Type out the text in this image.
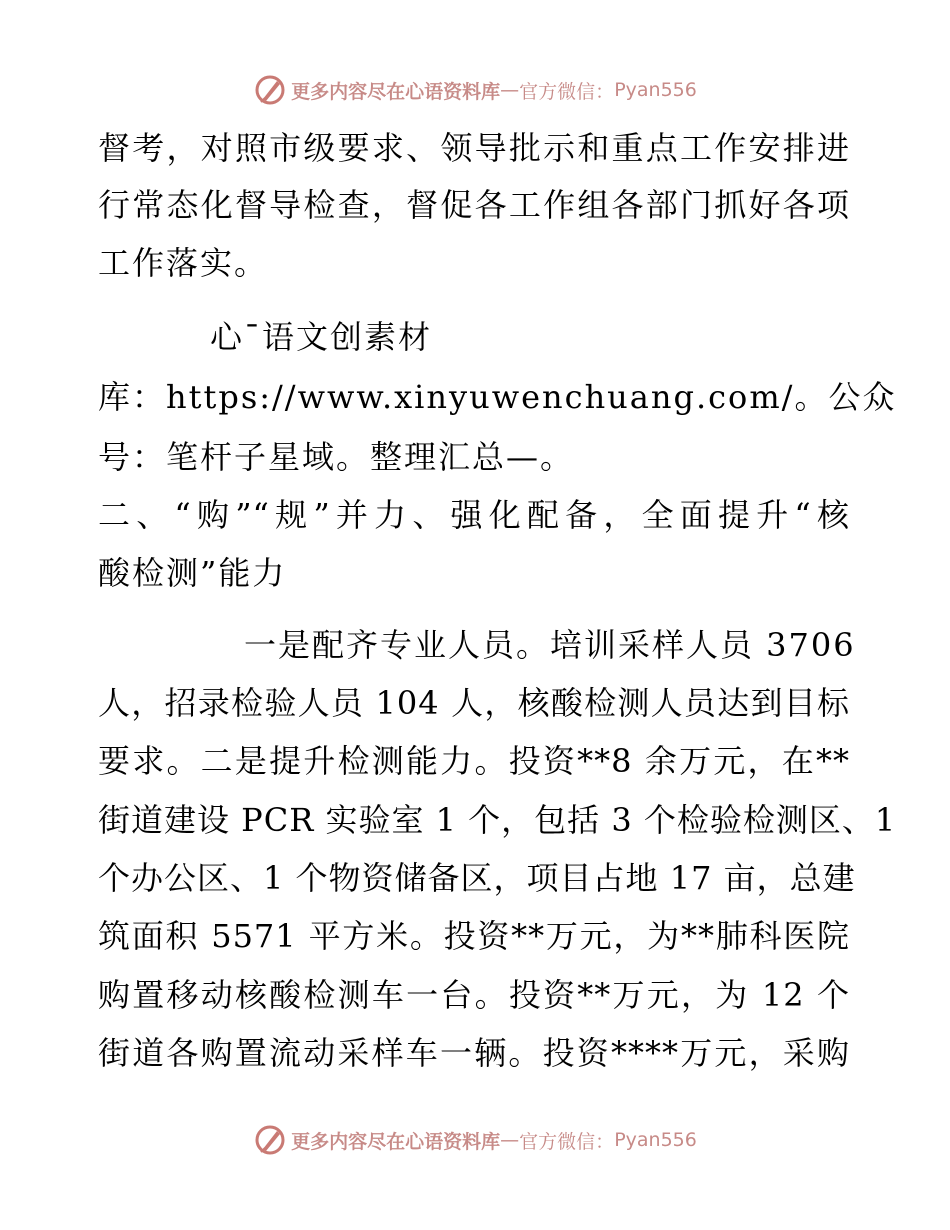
更多内容尽在心语资料库 — 官方微信： Pyan556
督考，对照市级要求、领导批示和重点工作安排进
行常态化督导检查，督促各工作组各部门抓好各项
工作落实。
心¯语文创素材
库：https://www.xinyuwenchuang.com/。公众
号：笔杆子星域。整理汇总—。
二、“购”“规”并力、强化配备，全面提升“核
酸检测”能力
一是配齐专业人员。培训采样人员 3706
人，招录检验人员 104 人，核酸检测人员达到目标
要求。二是提升检测能力。投资**8 余万元，在**
街道建设 PCR 实验室 1 个，包括 3 个检验检测区、1
个办公区、1 个物资储备区，项目占地 17 亩，总建
筑面积 5571 平方米。投资**万元，为**肺科医院
购置移动核酸检测车一台。投资**万元，为 12 个
街道各购置流动采样车一辆。投资****万元，采购
更多内容尽在心语资料库 — 官方微信： Pyan556
